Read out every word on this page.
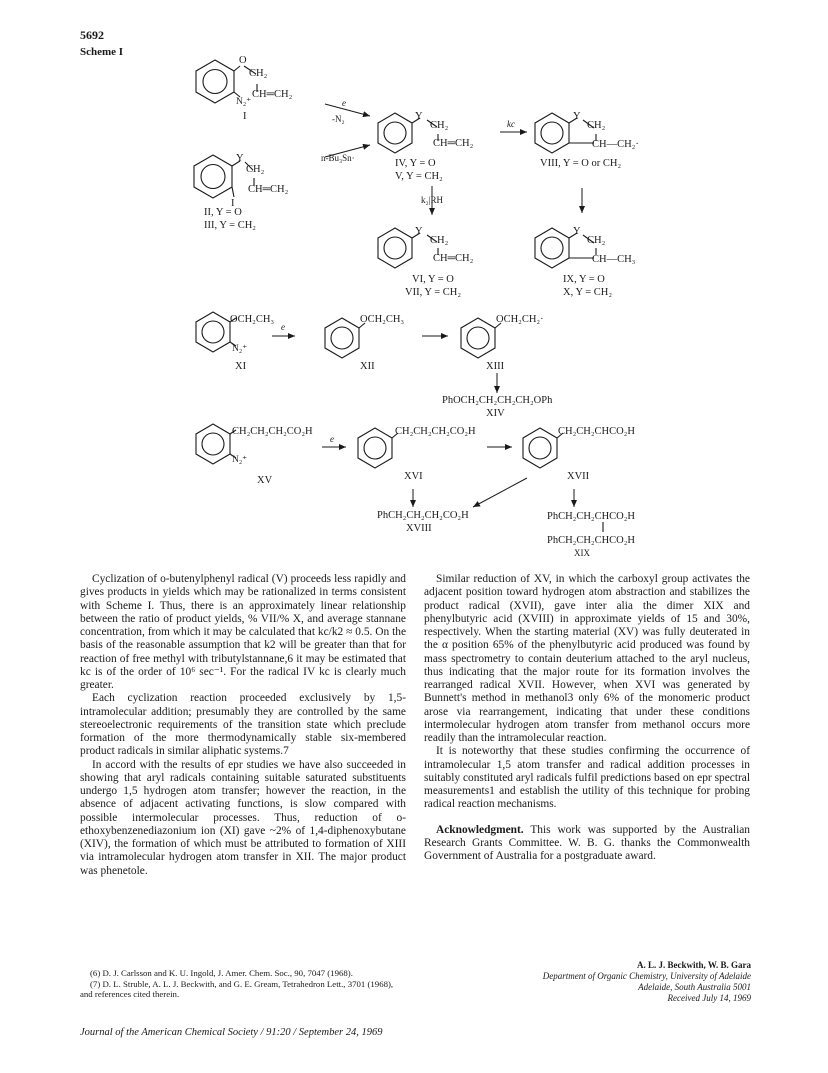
5692
Scheme I
O
CH₂
CH═CH₂
N₂⁺
I
Y
CH₂
CH═CH₂
I
II, Y = O
III, Y = CH₂
e
-N₂
n-Bu₃Sn·
Y
CH₂
CH═CH₂
IV, Y = O
V, Y = CH₂
k₂|RH
kc
Y
CH₂
CH—CH₂·
VIII, Y = O or CH₂
Y
CH₂
CH═CH₂
VI, Y = O
VII, Y = CH₂
Y
CH₂
CH—CH₃
IX, Y = O
X, Y = CH₂
OCH₂CH₃
N₂⁺
XI
e
OCH₂CH₃
XII
OCH₂CH₂·
XIII
PhOCH₂CH₂CH₂CH₂OPh
XIV
CH₂CH₂CH₂CO₂H
N₂⁺
XV
e
CH₂CH₂CH₂CO₂H
XVI
CH₂CH₂CHCO₂H
XVII
PhCH₂CH₂CH₂CO₂H
XVIII
PhCH₂CH₂CHCO₂H
PhCH₂CH₂CHCO₂H
XIX

Cyclization of o-butenylphenyl radical (V) proceeds less rapidly and gives products in yields which may be rationalized in terms consistent with Scheme I. Thus, there is an approximately linear relationship between the ratio of product yields, % VII/% X, and average stannane concentration, from which it may be calculated that kc/k2 ≈ 0.5. On the basis of the reasonable assumption that k2 will be greater than that for reaction of free methyl with tributylstannane,6 it may be estimated that kc is of the order of 10⁶ sec⁻¹. For the radical IV kc is clearly much greater.

Each cyclization reaction proceeded exclusively by 1,5-intramolecular addition; presumably they are controlled by the same stereoelectronic requirements of the transition state which preclude formation of the more thermodynamically stable six-membered product radicals in similar aliphatic systems.7

In accord with the results of epr studies we have also succeeded in showing that aryl radicals containing suitable saturated substituents undergo 1,5 hydrogen atom transfer; however the reaction, in the absence of adjacent activating functions, is slow compared with possible intermolecular processes. Thus, reduction of o-ethoxybenzenediazonium ion (XI) gave ~2% of 1,4-diphenoxybutane (XIV), the formation of which must be attributed to formation of XIII via intramolecular hydrogen atom transfer in XII. The major product was phenetole.

(6) D. J. Carlsson and K. U. Ingold, J. Amer. Chem. Soc., 90, 7047 (1968).

(7) D. L. Struble, A. L. J. Beckwith, and G. E. Gream, Tetrahedron Lett., 3701 (1968), and references cited therein.

Similar reduction of XV, in which the carboxyl group activates the adjacent position toward hydrogen atom abstraction and stabilizes the product radical (XVII), gave inter alia the dimer XIX and phenylbutyric acid (XVIII) in approximate yields of 15 and 30%, respectively. When the starting material (XV) was fully deuterated in the α position 65% of the phenylbutyric acid produced was found by mass spectrometry to contain deuterium attached to the aryl nucleus, thus indicating that the major route for its formation involves the rearranged radical XVII. However, when XVI was generated by Bunnett's method in methanol3 only 6% of the monomeric product arose via rearrangement, indicating that under these conditions intermolecular hydrogen atom transfer from methanol occurs more readily than the intramolecular reaction.

It is noteworthy that these studies confirming the occurrence of intramolecular 1,5 atom transfer and radical addition processes in suitably constituted aryl radicals fulfil predictions based on epr spectral measurements1 and establish the utility of this technique for probing radical reaction mechanisms.

Acknowledgment. This work was supported by the Australian Research Grants Committee. W. B. G. thanks the Commonwealth Government of Australia for a postgraduate award.

A. L. J. Beckwith, W. B. Gara
Department of Organic Chemistry, University of Adelaide
Adelaide, South Australia 5001
Received July 14, 1969
Journal of the American Chemical Society / 91:20 / September 24, 1969
